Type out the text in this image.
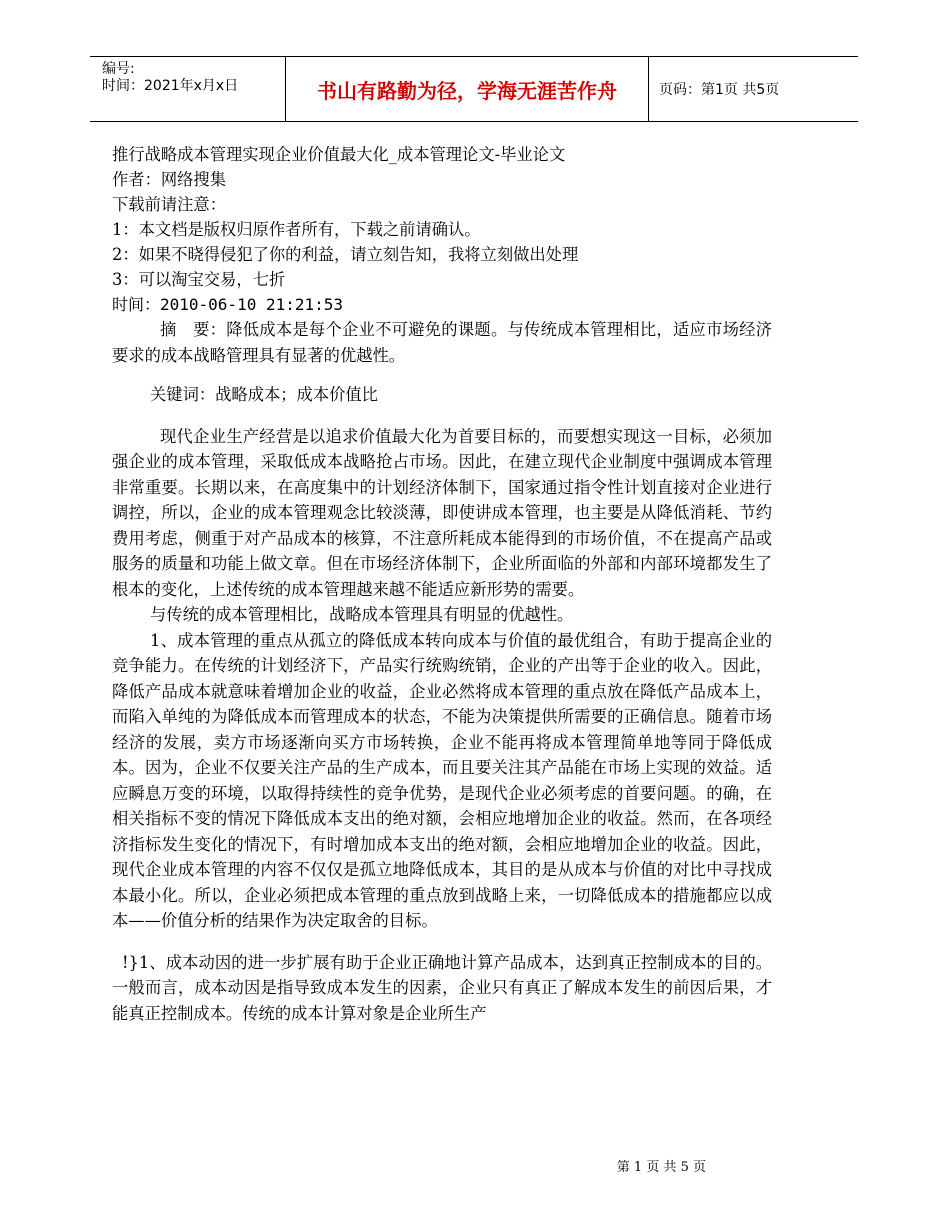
编号:
时间：2021年x月x日	书山有路勤为径，学海无涯苦作舟	页码：第1页 共5页

推行战略成本管理实现企业价值最大化_成本管理论文-毕业论文

作者：网络搜集

下载前请注意：

1：本文档是版权归原作者所有，下载之前请确认。

2：如果不晓得侵犯了你的利益，请立刻告知，我将立刻做出处理

3：可以淘宝交易，七折

时间：2010-06-10 21:21:53

摘　要：降低成本是每个企业不可避免的课题。与传统成本管理相比，适应市场经济要求的成本战略管理具有显著的优越性。

关键词：战略成本；成本价值比

现代企业生产经营是以追求价值最大化为首要目标的，而要想实现这一目标，必须加强企业的成本管理，采取低成本战略抢占市场。因此，在建立现代企业制度中强调成本管理非常重要。长期以来，在高度集中的计划经济体制下，国家通过指令性计划直接对企业进行调控，所以，企业的成本管理观念比较淡薄，即使讲成本管理，也主要是从降低消耗、节约费用考虑，侧重于对产品成本的核算，不注意所耗成本能得到的市场价值，不在提高产品或服务的质量和功能上做文章。但在市场经济体制下，企业所面临的外部和内部环境都发生了根本的变化，上述传统的成本管理越来越不能适应新形势的需要。

与传统的成本管理相比，战略成本管理具有明显的优越性。

1、成本管理的重点从孤立的降低成本转向成本与价值的最优组合，有助于提高企业的竞争能力。在传统的计划经济下，产品实行统购统销，企业的产出等于企业的收入。因此，降低产品成本就意味着增加企业的收益，企业必然将成本管理的重点放在降低产品成本上，而陷入单纯的为降低成本而管理成本的状态，不能为决策提供所需要的正确信息。随着市场经济的发展，卖方市场逐渐向买方市场转换，企业不能再将成本管理简单地等同于降低成本。因为，企业不仅要关注产品的生产成本，而且要关注其产品能在市场上实现的效益。适应瞬息万变的环境，以取得持续性的竞争优势，是现代企业必须考虑的首要问题。的确，在相关指标不变的情况下降低成本支出的绝对额，会相应地增加企业的收益。然而，在各项经济指标发生变化的情况下，有时增加成本支出的绝对额，会相应地增加企业的收益。因此，现代企业成本管理的内容不仅仅是孤立地降低成本，其目的是从成本与价值的对比中寻找成本最小化。所以，企业必须把成本管理的重点放到战略上来，一切降低成本的措施都应以成本——价值分析的结果作为决定取舍的目标。

!}1、成本动因的进一步扩展有助于企业正确地计算产品成本，达到真正控制成本的目的。一般而言，成本动因是指导致成本发生的因素，企业只有真正了解成本发生的前因后果，才能真正控制成本。传统的成本计算对象是企业所生产

第 1 页 共 5 页
